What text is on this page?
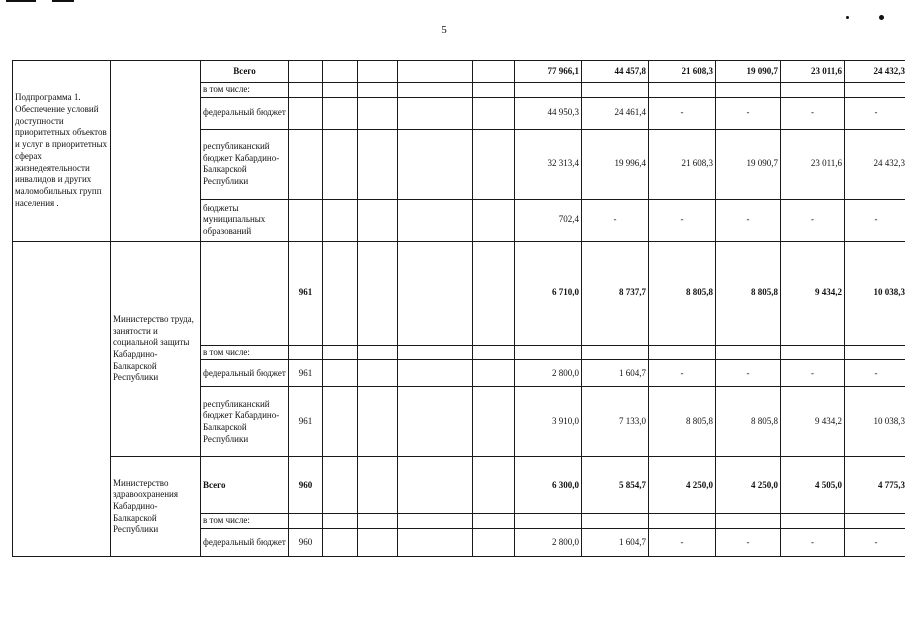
5
Подпрограмма 1. Обеспечение условий доступности приоритетных объектов и услуг в приоритетных сферах жизнедеятельности инвалидов и других маломобильных групп населения .		Всего						77 966,1	44 457,8	21 608,3	19 090,7	23 011,6	24 432,3
		в том числе:											
		федеральный бюджет						44 950,3	24 461,4	-	-	-	-
		республиканский бюджет Кабардино-Балкарской Республики						32 313,4	19 996,4	21 608,3	19 090,7	23 011,6	24 432,3
		бюджеты муниципальных образований						702,4	-	-	-	-	-
	Министерство труда, занятости и социальной защиты Кабардино-Балкарской Республики		961					6 710,0	8 737,7	8 805,8	8 805,8	9 434,2	10 038,3
		в том числе:											
		федеральный бюджет	961					2 800,0	1 604,7	-	-	-	-
		республиканский бюджет Кабардино-Балкарской Республики	961					3 910,0	7 133,0	8 805,8	8 805,8	9 434,2	10 038,3
	Министерство здравоохранения Кабардино-Балкарской Республики	Всего	960					6 300,0	5 854,7	4 250,0	4 250,0	4 505,0	4 775,3
		в том числе:											
		федеральный бюджет	960					2 800,0	1 604,7	-	-	-	-
